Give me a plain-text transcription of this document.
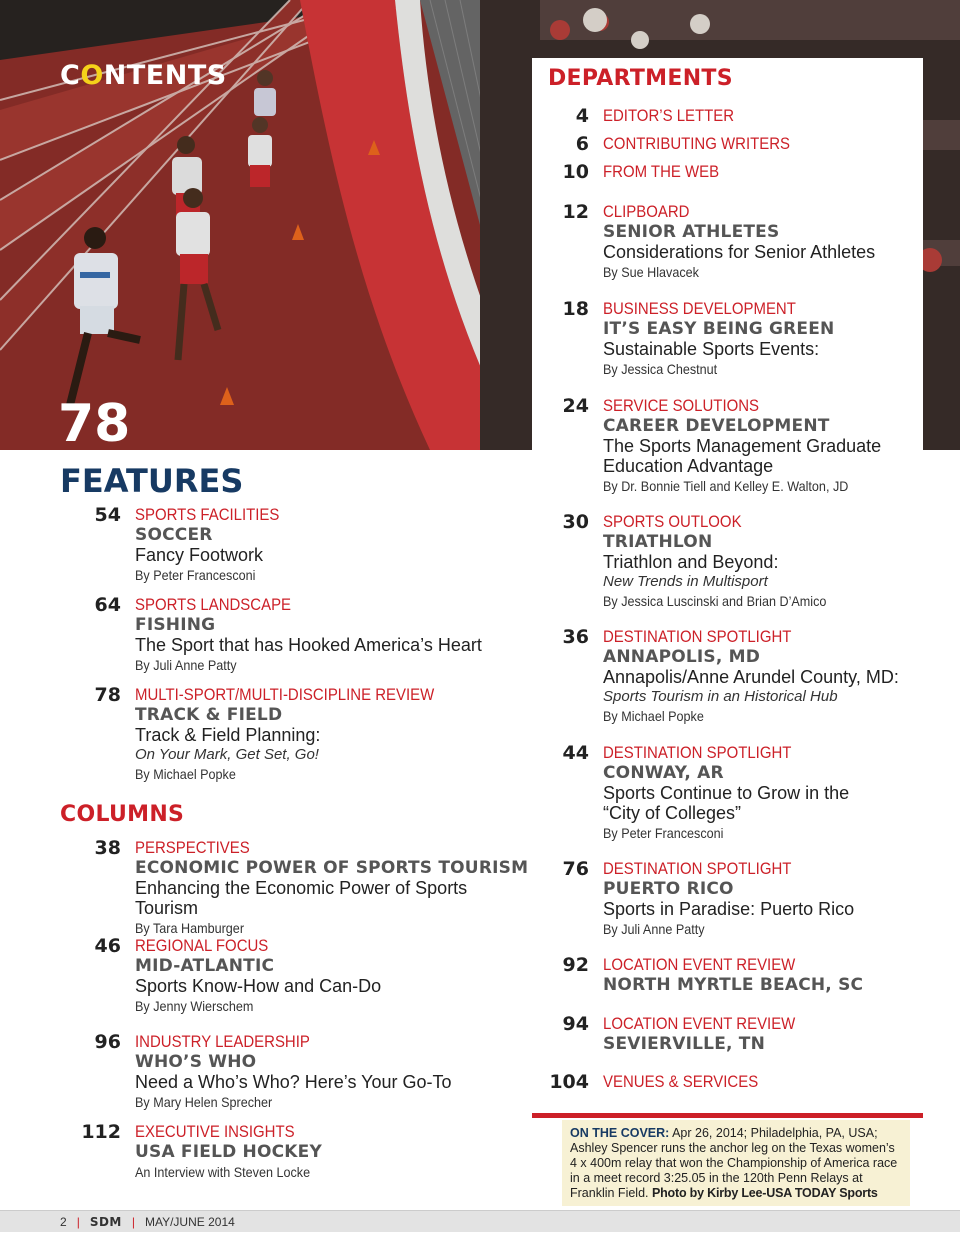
CONTENTS
78
DEPARTMENTS
4 EDITOR’S LETTER
6 CONTRIBUTING WRITERS
10 FROM THE WEB
12 CLIPBOARD
SENIOR ATHLETES
Considerations for Senior Athletes
By Sue Hlavacek
18 BUSINESS DEVELOPMENT
IT’S EASY BEING GREEN
Sustainable Sports Events:
By Jessica Chestnut
24 SERVICE SOLUTIONS
CAREER DEVELOPMENT
The Sports Management Graduate Education Advantage
By Dr. Bonnie Tiell and Kelley E. Walton, JD
30 SPORTS OUTLOOK
TRIATHLON
Triathlon and Beyond:
New Trends in Multisport
By Jessica Luscinski and Brian D’Amico
36 DESTINATION SPOTLIGHT
ANNAPOLIS, MD
Annapolis/Anne Arundel County, MD:
Sports Tourism in an Historical Hub
By Michael Popke
44 DESTINATION SPOTLIGHT
CONWAY, AR
Sports Continue to Grow in the “City of Colleges”
By Peter Francesconi
76 DESTINATION SPOTLIGHT
PUERTO RICO
Sports in Paradise: Puerto Rico
By Juli Anne Patty
92 LOCATION EVENT REVIEW
NORTH MYRTLE BEACH, SC
94 LOCATION EVENT REVIEW
SEVIERVILLE, TN
104 VENUES & SERVICES
FEATURES
54 SPORTS FACILITIES
SOCCER
Fancy Footwork
By Peter Francesconi
64 SPORTS LANDSCAPE
FISHING
The Sport that has Hooked America’s Heart
By Juli Anne Patty
78 MULTI-SPORT/MULTI-DISCIPLINE REVIEW
TRACK & FIELD
Track & Field Planning:
On Your Mark, Get Set, Go!
By Michael Popke
COLUMNS
38 PERSPECTIVES
ECONOMIC POWER OF SPORTS TOURISM
Enhancing the Economic Power of Sports Tourism
By Tara Hamburger
46 REGIONAL FOCUS
MID-ATLANTIC
Sports Know-How and Can-Do
By Jenny Wierschem
96 INDUSTRY LEADERSHIP
WHO’S WHO
Need a Who’s Who? Here’s Your Go-To
By Mary Helen Sprecher
112 EXECUTIVE INSIGHTS
USA FIELD HOCKEY
An Interview with Steven Locke
ON THE COVER: Apr 26, 2014; Philadelphia, PA, USA; Ashley Spencer runs the anchor leg on the Texas women’s 4 x 400m relay that won the Championship of America race in a meet record 3:25.05 in the 120th Penn Relays at Franklin Field. Photo by Kirby Lee-USA TODAY Sports
2 | SDM | MAY/JUNE 2014
